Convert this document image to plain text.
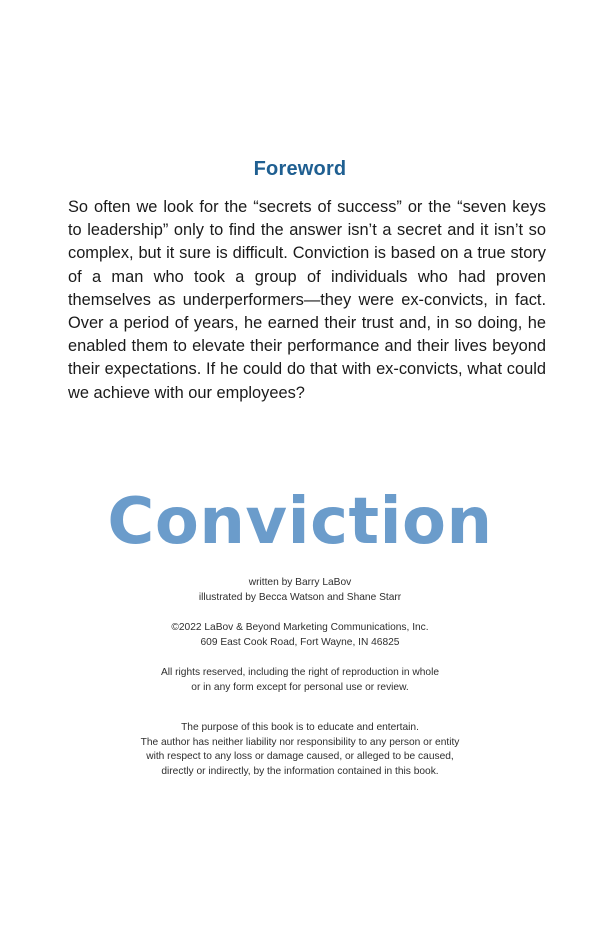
Foreword
So often we look for the “secrets of success” or the “seven keys to leadership” only to find the answer isn’t a secret and it isn’t so complex, but it sure is difficult. Conviction is based on a true story of a man who took a group of individuals who had proven themselves as underperformers—they were ex-convicts, in fact. Over a period of years, he earned their trust and, in so doing, he enabled them to elevate their performance and their lives beyond their expectations. If he could do that with ex-convicts, what could we achieve with our employees?
Conviction
written by Barry LaBov
illustrated by Becca Watson and Shane Starr
©2022 LaBov & Beyond Marketing Communications, Inc.
609 East Cook Road, Fort Wayne, IN 46825
All rights reserved, including the right of reproduction in whole
or in any form except for personal use or review.
The purpose of this book is to educate and entertain.
The author has neither liability nor responsibility to any person or entity
with respect to any loss or damage caused, or alleged to be caused,
directly or indirectly, by the information contained in this book.
